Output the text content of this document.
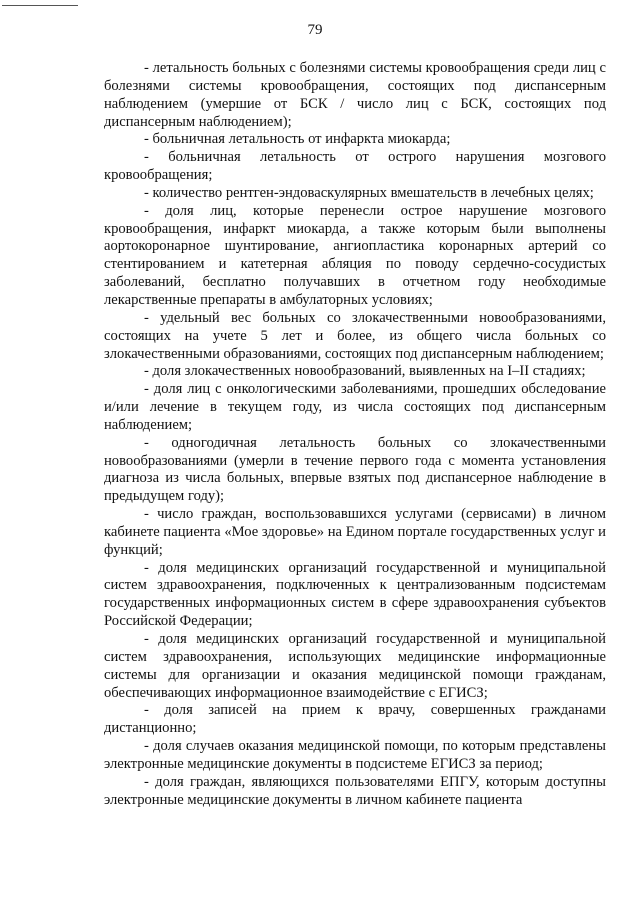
79

- летальность больных с болезнями системы кровообращения среди лиц с болезнями системы кровообращения, состоящих под диспансерным наблюдением (умершие от БСК / число лиц с БСК, состоящих под диспансерным наблюдением);

- больничная летальность от инфаркта миокарда;

- больничная летальность от острого нарушения мозгового кровообращения;

- количество рентген-эндоваскулярных вмешательств в лечебных целях;

- доля лиц, которые перенесли острое нарушение мозгового кровообращения, инфаркт миокарда, а также которым были выполнены аортокоронарное шунтирование, ангиопластика коронарных артерий со стентированием и катетерная абляция по поводу сердечно-сосудистых заболеваний, бесплатно получавших в отчетном году необходимые лекарственные препараты в амбулаторных условиях;

- удельный вес больных со злокачественными новообразованиями, состоящих на учете 5 лет и более, из общего числа больных со злокачественными образованиями, состоящих под диспансерным наблюдением;

- доля злокачественных новообразований, выявленных на I–II стадиях;

- доля лиц с онкологическими заболеваниями, прошедших обследование и/или лечение в текущем году, из числа состоящих под диспансерным наблюдением;

- одногодичная летальность больных со злокачественными новообразованиями (умерли в течение первого года с момента установления диагноза из числа больных, впервые взятых под диспансерное наблюдение в предыдущем году);

- число граждан, воспользовавшихся услугами (сервисами) в личном кабинете пациента «Мое здоровье» на Едином портале государственных услуг и функций;

- доля медицинских организаций государственной и муниципальной систем здравоохранения, подключенных к централизованным подсистемам государственных информационных систем в сфере здравоохранения субъектов Российской Федерации;

- доля медицинских организаций государственной и муниципальной систем здравоохранения, использующих медицинские информационные системы для организации и оказания медицинской помощи гражданам, обеспечивающих информационное взаимодействие с ЕГИСЗ;

- доля записей на прием к врачу, совершенных гражданами дистанционно;

- доля случаев оказания медицинской помощи, по которым представлены электронные медицинские документы в подсистеме ЕГИСЗ за период;

- доля граждан, являющихся пользователями ЕПГУ, которым доступны электронные медицинские документы в личном кабинете пациента
